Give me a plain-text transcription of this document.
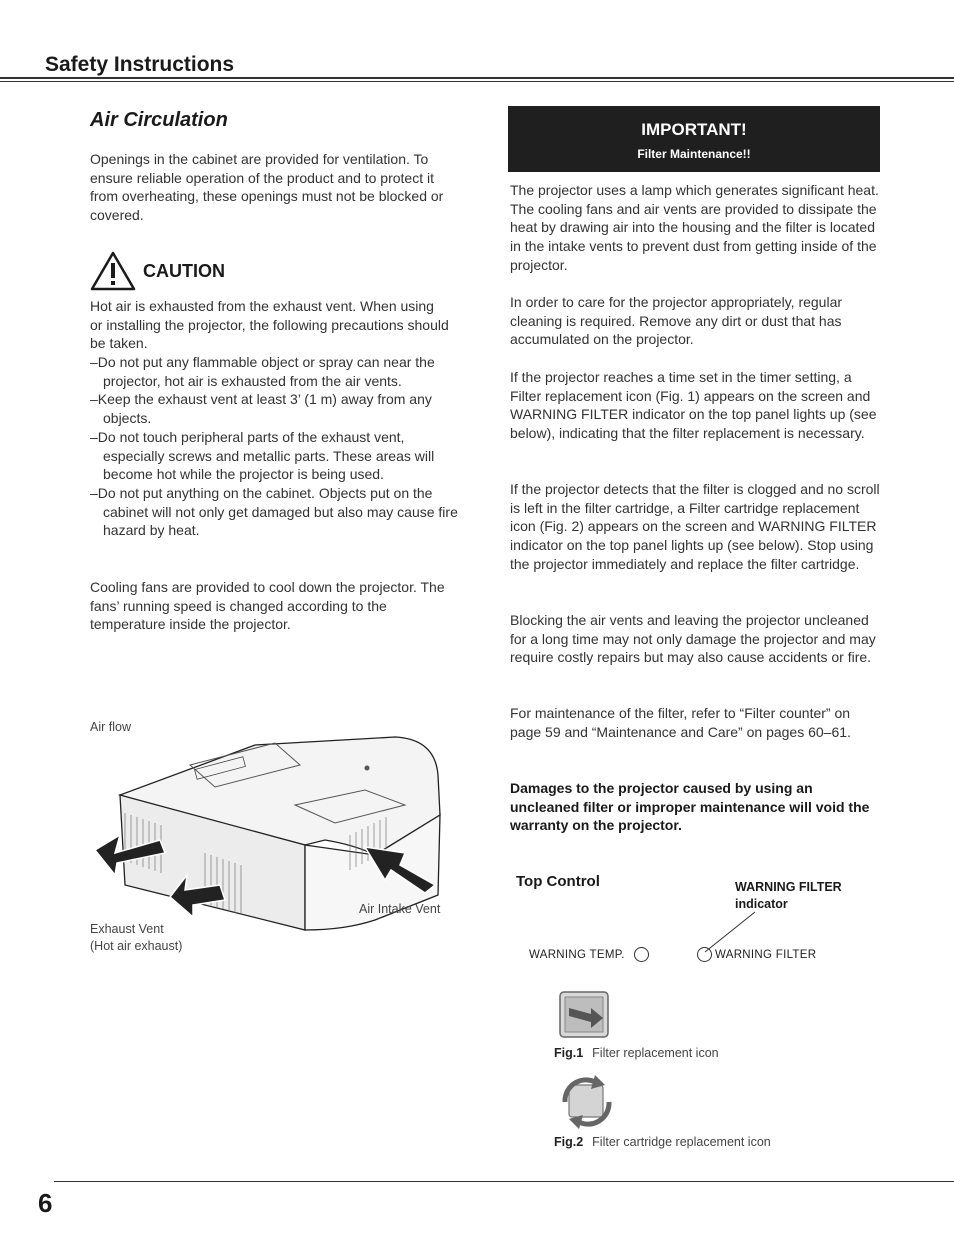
Safety Instructions
Air Circulation

Openings in the cabinet are provided for ventilation. To ensure reliable operation of the product and to protect it from overheating, these openings must not be blocked or covered.

CAUTION

Hot air is exhausted from the exhaust vent. When using or installing the projector, the following precautions should be taken.

–Do not put any flammable object or spray can near the projector, hot air is exhausted from the air vents.
–Keep the exhaust vent at least 3’ (1 m) away from any objects.
–Do not touch peripheral parts of the exhaust vent, especially screws and metallic parts. These areas will become hot while the projector is being used.
–Do not put anything on the cabinet. Objects put on the cabinet will not only get damaged but also may cause fire hazard by heat.

Cooling fans are provided to cool down the projector. The fans’ running speed is changed according to the temperature inside the projector.

Air flow
Air Intake Vent
Exhaust Vent
(Hot air exhaust)
IMPORTANT!
Filter Maintenance!!

The projector uses a lamp which generates significant heat. The cooling fans and air vents are provided to dissipate the heat by drawing air into the housing and the filter is located in the intake vents to prevent dust from getting inside of the projector.

In order to care for the projector appropriately, regular cleaning is required. Remove any dirt or dust that has accumulated on the projector.

If the projector reaches a time set in the timer setting, a Filter replacement icon (Fig. 1) appears on the screen and WARNING FILTER indicator on the top panel lights up (see below), indicating that the filter replacement is necessary.

If the projector detects that the filter is clogged and no scroll is left in the filter cartridge, a Filter cartridge replacement icon (Fig. 2) appears on the screen and WARNING FILTER indicator on the top panel lights up (see below). Stop using the projector immediately and replace the filter cartridge.

Blocking the air vents and leaving the projector uncleaned for a long time may not only damage the projector and may require costly repairs but may also cause accidents or fire.

For maintenance of the filter, refer to “Filter counter” on page 59 and “Maintenance and Care” on pages 60–61.

Damages to the projector caused by using an uncleaned filter or improper maintenance will void the warranty on the projector.

Top Control	WARNING FILTER
indicator
WARNING TEMP.	WARNING FILTER
Fig.1 Filter replacement icon
Fig.2 Filter cartridge replacement icon
6
